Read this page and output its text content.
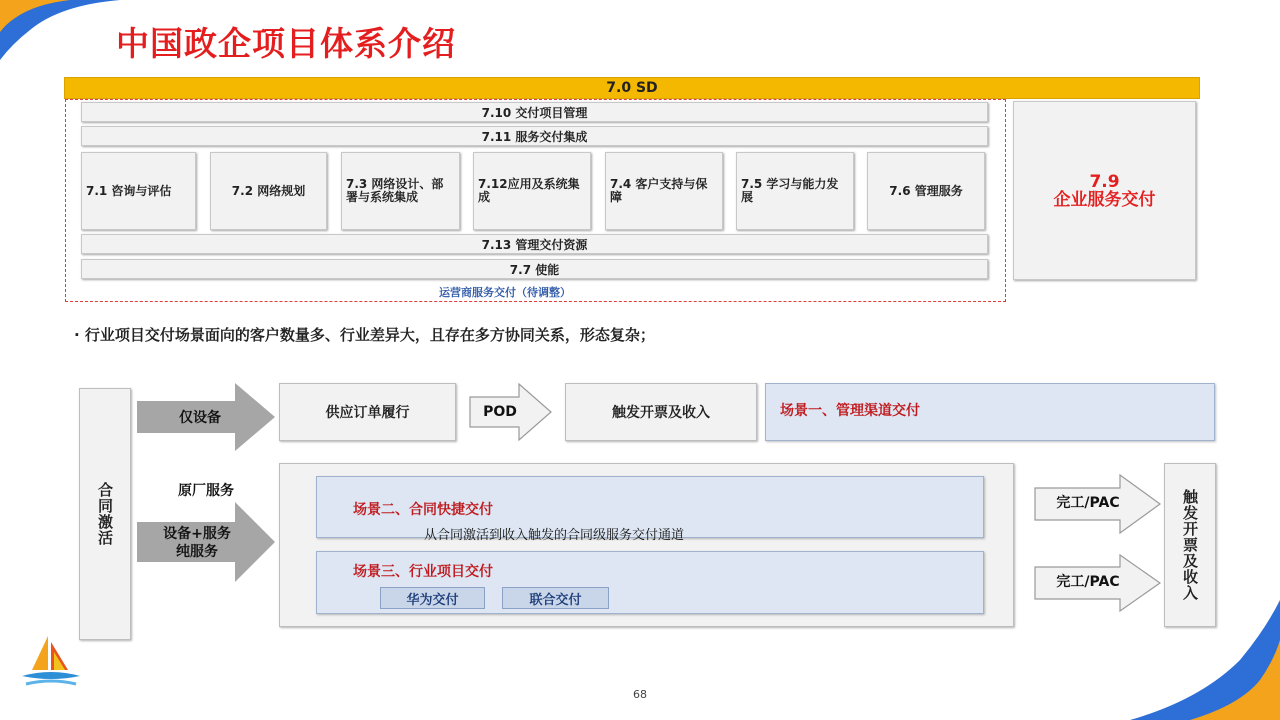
中国政企项目体系介绍
7.0 SD
7.10 交付项目管理
7.11 服务交付集成
7.1 咨询与评估	7.2 网络规划	7.3 网络设计、部署与系统集成
7.12应用及系统集成
7.4 客户支持与保障
7.5 学习与能力发展	7.6 管理服务
7.13 管理交付资源
7.7 使能
7.9
企业服务交付
运营商服务交付（待调整）
· 行业项目交付场景面向的客户数量多、行业差异大，且存在多方协同关系，形态复杂；
合同激活
仅设备	供应订单履行	POD	触发开票及收入	场景一、管理渠道交付
原厂服务
设备+服务
纯服务
场景二、合同快捷交付
从合同激活到收入触发的合同级服务交付通道
场景三、行业项目交付
华为交付	联合交付
完工/PAC
完工/PAC	触发开票及收入
68
